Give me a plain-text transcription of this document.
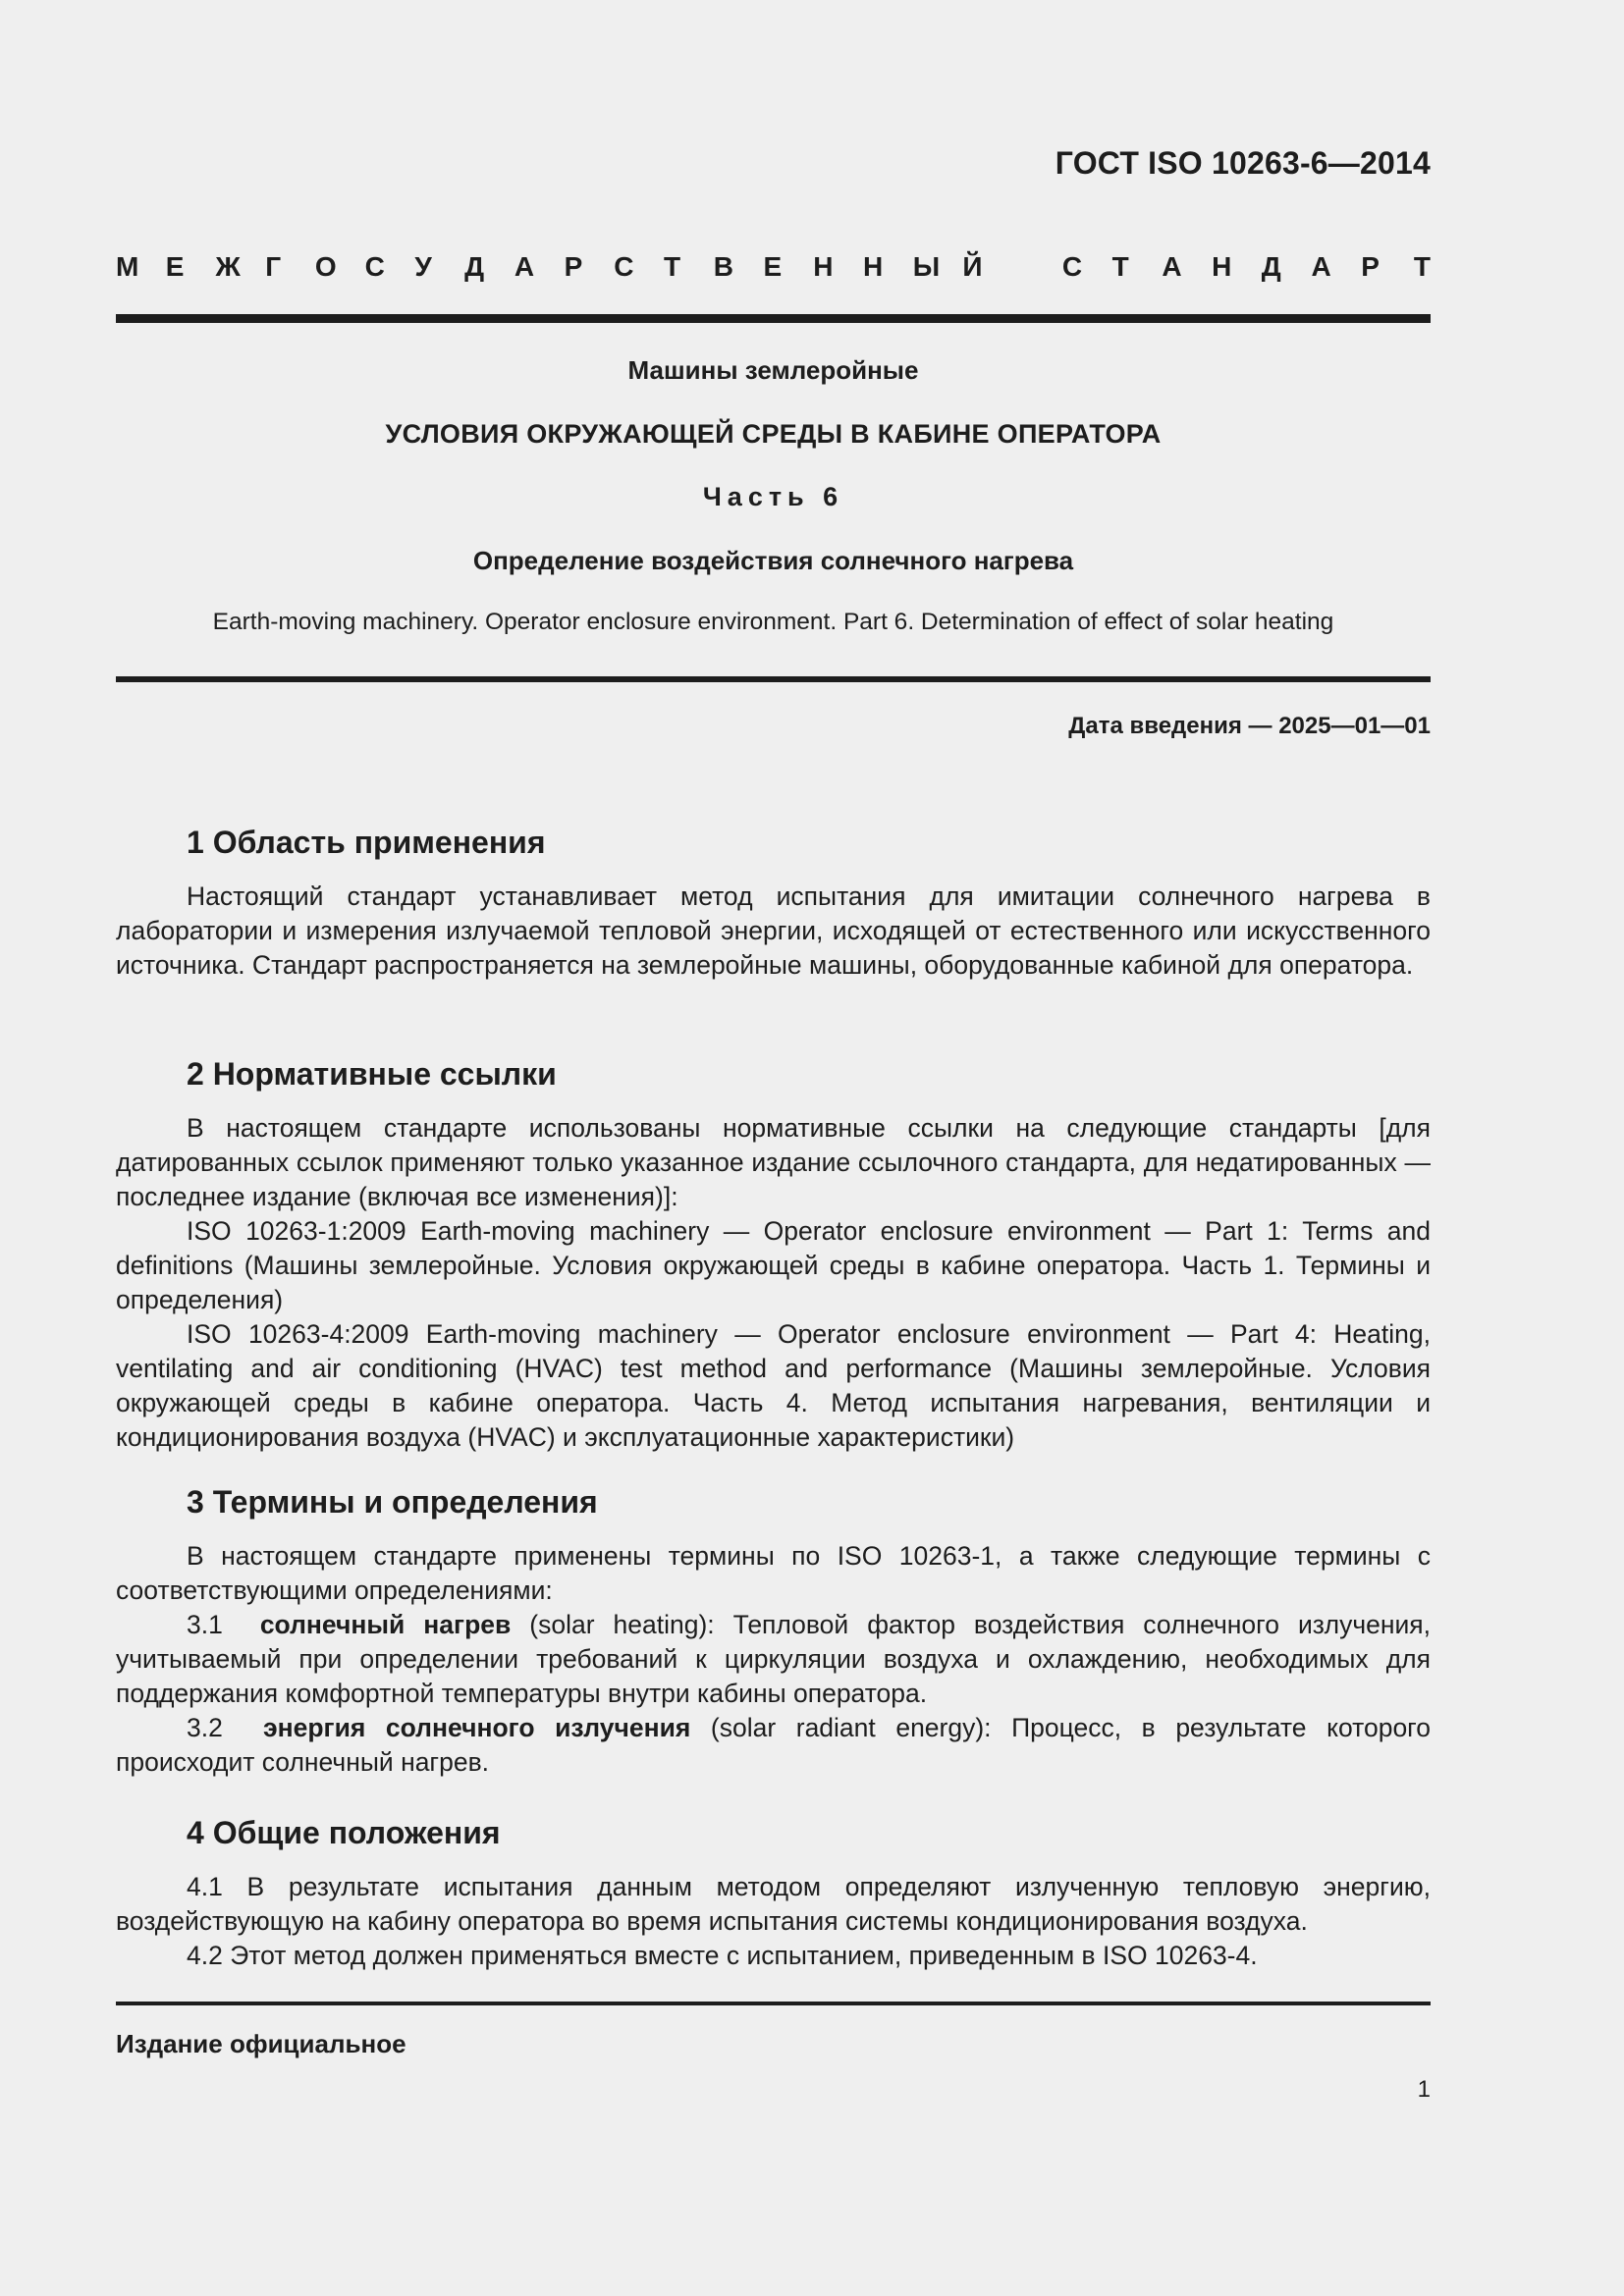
ГОСТ ISO 10263-6—2014

М Е Ж Г О С У Д А Р С Т В Е Н Н Ы Й	С Т А Н Д А Р Т

Машины землеройные

УСЛОВИЯ ОКРУЖАЮЩЕЙ СРЕДЫ В КАБИНЕ ОПЕРАТОРА

Часть 6

Определение воздействия солнечного нагрева

Earth-moving machinery. Operator enclosure environment. Part 6. Determination of effect of solar heating

Дата введения — 2025—01—01

1 Область применения

Настоящий стандарт устанавливает метод испытания для имитации солнечного нагрева в лаборатории и измерения излучаемой тепловой энергии, исходящей от естественного или искусственного источника. Стандарт распространяется на землеройные машины, оборудованные кабиной для оператора.

2 Нормативные ссылки

В настоящем стандарте использованы нормативные ссылки на следующие стандарты [для датированных ссылок применяют только указанное издание ссылочного стандарта, для недатированных — последнее издание (включая все изменения)]:

ISO 10263-1:2009 Earth-moving machinery — Operator enclosure environment — Part 1: Terms and definitions (Машины землеройные. Условия окружающей среды в кабине оператора. Часть 1. Термины и определения)

ISO 10263-4:2009 Earth-moving machinery — Operator enclosure environment — Part 4: Heating, ventilating and air conditioning (HVAC) test method and performance (Машины землеройные. Условия окружающей среды в кабине оператора. Часть 4. Метод испытания нагревания, вентиляции и кондиционирования воздуха (HVAC) и эксплуатационные характеристики)

3 Термины и определения

В настоящем стандарте применены термины по ISO 10263-1, а также следующие термины с соответствующими определениями:

3.1 солнечный нагрев (solar heating): Тепловой фактор воздействия солнечного излучения, учитываемый при определении требований к циркуляции воздуха и охлаждению, необходимых для поддержания комфортной температуры внутри кабины оператора.

3.2 энергия солнечного излучения (solar radiant energy): Процесс, в результате которого происходит солнечный нагрев.

4 Общие положения

4.1 В результате испытания данным методом определяют излученную тепловую энергию, воздействующую на кабину оператора во время испытания системы кондиционирования воздуха.

4.2 Этот метод должен применяться вместе с испытанием, приведенным в ISO 10263-4.

Издание официальное

1
